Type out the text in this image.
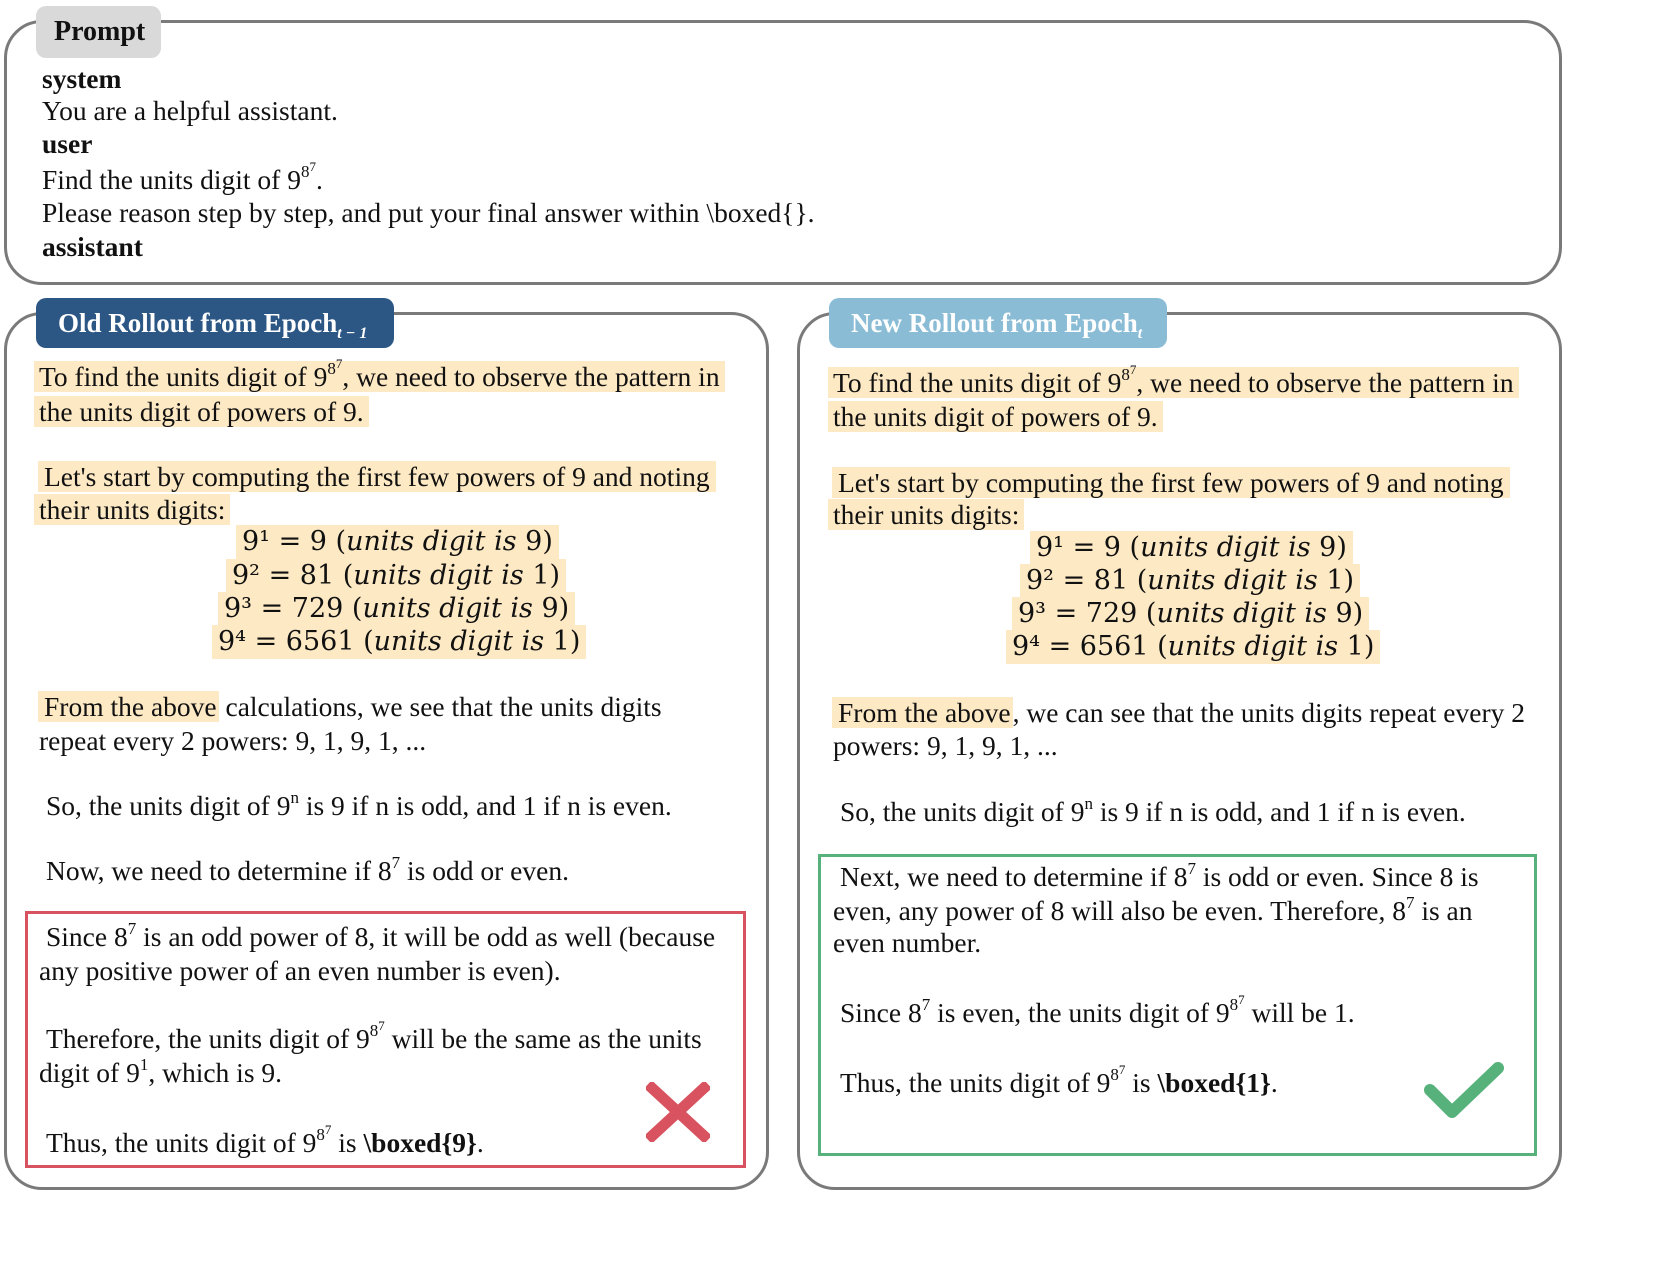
Prompt
system
You are a helpful assistant.
user
Find the units digit of $9^{8^7}$.
Please reason step by step, and put your final answer within \boxed{}.
assistant
Old Rollout from Epoch$_{t - 1}$
To find the units digit of $9^{8^7}$, we need to observe the pattern in
the units digit of powers of 9.
Let's start by computing the first few powers of 9 and noting
their units digits:
9¹ = 9 (units digit is 9)
9² = 81 (units digit is 1)
9³ = 729 (units digit is 9)
9⁴ = 6561 (units digit is 1)
From the above calculations, we see that the units digits
repeat every 2 powers: 9, 1, 9, 1, ...
So, the units digit of 9$^n$ is 9 if n is odd, and 1 if n is even.
Now, we need to determine if $8^7$ is odd or even.
Since $8^7$ is an odd power of 8, it will be odd as well (because
any positive power of an even number is even).
Therefore, the units digit of $9^{8^7}$ will be the same as the units
digit of $9^1$, which is 9.
Thus, the units digit of $9^{8^7}$ is \boxed{9}.
New Rollout from Epoch$_t$
To find the units digit of $9^{8^7}$, we need to observe the pattern in
the units digit of powers of 9.
Let's start by computing the first few powers of 9 and noting
their units digits:
9¹ = 9 (units digit is 9)
9² = 81 (units digit is 1)
9³ = 729 (units digit is 9)
9⁴ = 6561 (units digit is 1)
From the above, we can see that the units digits repeat every 2
powers: 9, 1, 9, 1, ...
So, the units digit of 9$^n$ is 9 if n is odd, and 1 if n is even.
Next, we need to determine if $8^7$ is odd or even. Since 8 is
even, any power of 8 will also be even. Therefore, $8^7$ is an
even number.
Since $8^7$ is even, the units digit of $9^{8^7}$ will be 1.
Thus, the units digit of $9^{8^7}$ is \boxed{1}.
